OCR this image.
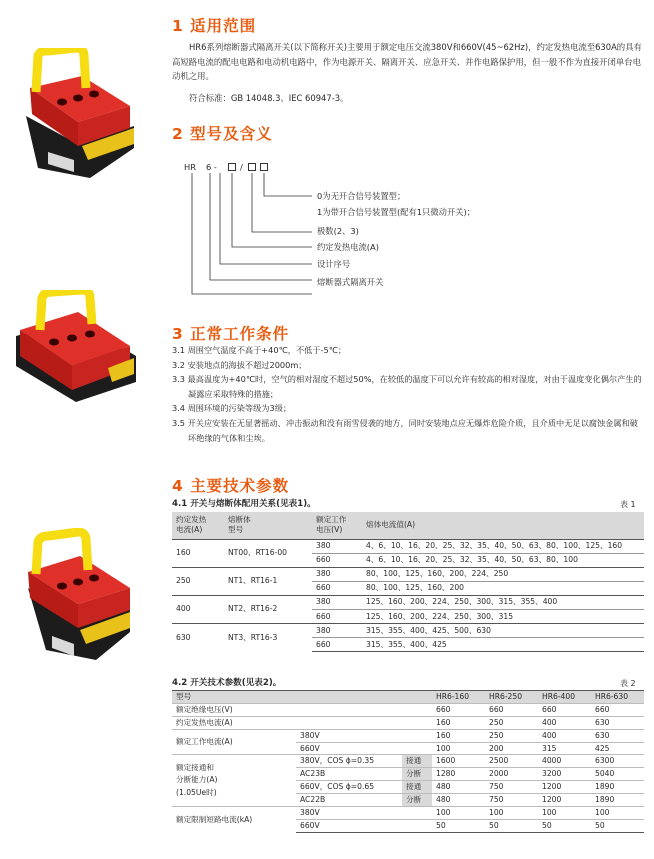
1 适用范围
HR6系列熔断器式隔离开关(以下简称开关)主要用于额定电压交流380V和660V(45~62Hz)，约定发热电流至630A的具有高短路电流的配电电路和电动机电路中，作为电源开关、隔离开关、应急开关、并作电路保护用，但一般不作为直接开闭单台电动机之用。
符合标准：GB 14048.3、IEC 60947-3。
2 型号及含义
HR 6 -	/
0为无开合信号装置型；
1为带开合信号装置型(配有1只微动开关)；
极数(2、3)
约定发热电流(A)
设计序号
熔断器式隔离开关
3 正常工作条件
3.1 周围空气温度不高于+40℃，不低于-5℃；
3.2 安装地点的海拔不超过2000m；
3.3 最高温度为+40℃时，空气的相对湿度不超过50%，在较低的温度下可以允许有较高的相对湿度，对由于温度变化偶尔产生的凝露应采取特殊的措施；
3.4 周围环境的污染等级为3级；
3.5 开关应安装在无显著摇动、冲击振动和没有雨雪侵袭的地方，同时安装地点应无爆炸危险介质，且介质中无足以腐蚀金属和破坏绝缘的气体和尘埃。
4 主要技术参数
4.1 开关与熔断体配用关系(见表1)。	表 1
约定发热
电流(A)	熔断体
型号	额定工作
电压(V)	熔体电流值(A)
160	NT00、RT16-00	380	4、6、10、16、20、25、32、35、40、50、63、80、100、125、160
		660	4、6、10、16、20、25、32、35、40、50、63、80、100
250	NT1、RT16-1	380	80、100、125、160、200、224、250
		660	80、100、125、160、200
400	NT2、RT16-2	380	125、160、200、224、250、300、315、355、400
		660	125、160、200、224、250、300、315
630	NT3、RT16-3	380	315、355、400、425、500、630
		660	315、355、400、425
4.2 开关技术参数(见表2)。	表 2
型号			HR6-160	HR6-250	HR6-400	HR6-630
额定绝缘电压(V)			660	660	660	660
约定发热电流(A)			160	250	400	630
额定工作电流(A)	380V		160	250	400	630
	660V		100	200	315	425

额定接通和
分断能力(A)
(1.05Ue时)	380V，COS ϕ=0.35	接通	1600	2500	4000	6300
	AC23B	分断	1280	2000	3200	5040
	660V，COS ϕ=0.65	接通	480	750	1200	1890
	AC22B	分断	480	750	1200	1890
额定限制短路电流(kA)	380V		100	100	100	100
	660V		50	50	50	50
